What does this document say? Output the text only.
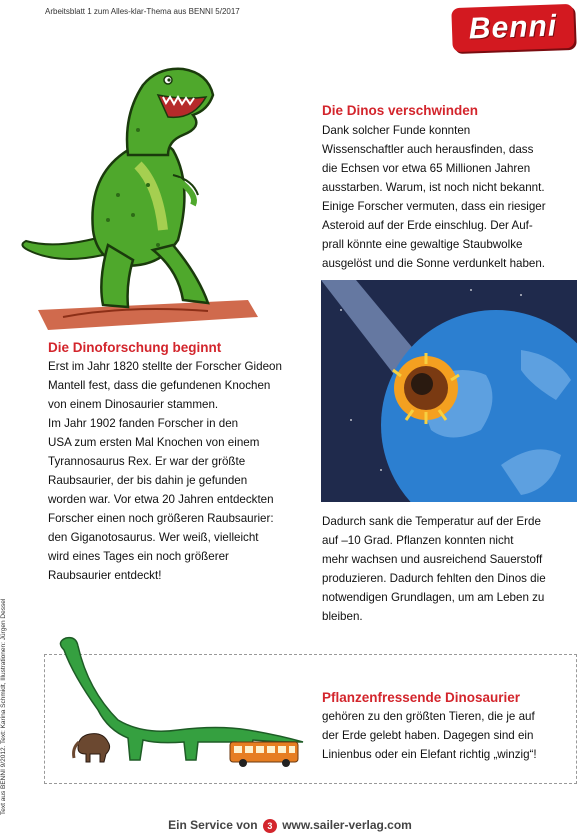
Arbeitsblatt 1 zum Alles-klar-Thema aus BENNI 5/2017	Benni
Die Dinos verschwinden
Dank solcher Funde konnten
Wissenschaftler auch herausfinden, dass
die Echsen vor etwa 65 Millionen Jahren
ausstarben. Warum, ist noch nicht bekannt.
Einige Forscher vermuten, dass ein riesiger
Asteroid auf der Erde einschlug. Der Auf-
prall könnte eine gewaltige Staubwolke
ausgelöst und die Sonne verdunkelt haben.
Die Dinoforschung beginnt
Erst im Jahr 1820 stellte der Forscher Gideon
Mantell fest, dass die gefundenen Knochen
von einem Dinosaurier stammen.
Im Jahr 1902 fanden Forscher in den
USA zum ersten Mal Knochen von einem
Tyrannosaurus Rex. Er war der größte
Raubsaurier, der bis dahin je gefunden
worden war. Vor etwa 20 Jahren entdeckten
Forscher einen noch größeren Raubsaurier:
den Giganotosaurus. Wer weiß, vielleicht
wird eines Tages ein noch größerer
Raubsaurier entdeckt!
Dadurch sank die Temperatur auf der Erde
auf –10 Grad. Pflanzen konnten nicht
mehr wachsen und ausreichend Sauerstoff
produzieren. Dadurch fehlten den Dinos die
notwendigen Grundlagen, um am Leben zu
bleiben.
Text aus BENNI 9/2012. Text: Karina Schmidt, Illustrationen: Jürgen Dessel	Pflanzenfressende Dinosaurier
gehören zu den größten Tieren, die je auf
der Erde gelebt haben. Dagegen sind ein
Linienbus oder ein Elefant richtig „winzig“!
Ein Service von 3 www.sailer-verlag.com
